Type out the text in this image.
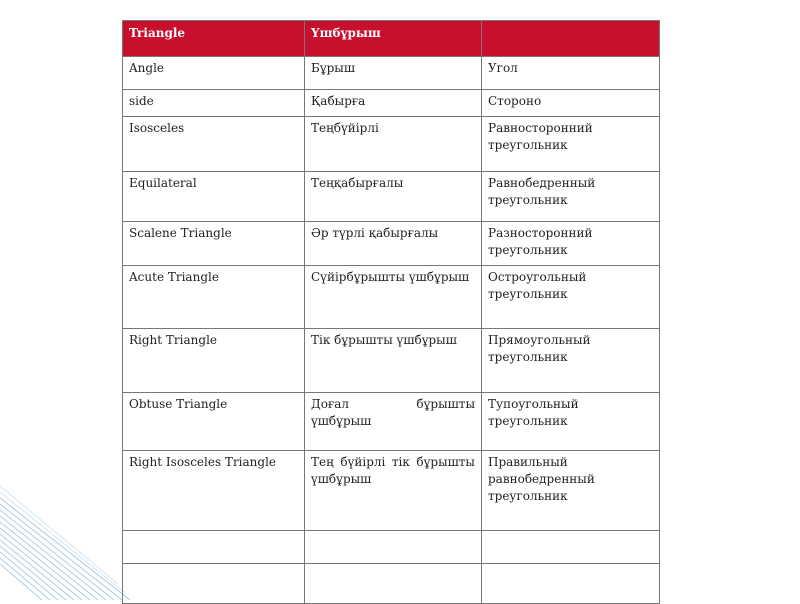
Triangle	Үшбұрыш	
Angle	Бұрыш	Угол
side	Қабырға	Стороно
Isosceles	Теңбүйірлі	Равносторонний треугольник
Equilateral	Теңқабырғалы	Равнобедренный треугольник
Scalene Triangle	Әр түрлі қабырғалы	Разносторонний треугольник
Acute Triangle	Сүйірбұрышты үшбұрыш	Остроугольный треугольник
Right Triangle	Тік бұрышты үшбұрыш	Прямоугольный треугольник
Obtuse Triangle	Доғал бұрышты үшбұрыш	Тупоугольный треугольник
Right Isosceles Triangle	Тең бүйірлі тік бұрышты үшбұрыш	Правильный равнобедренный треугольник
